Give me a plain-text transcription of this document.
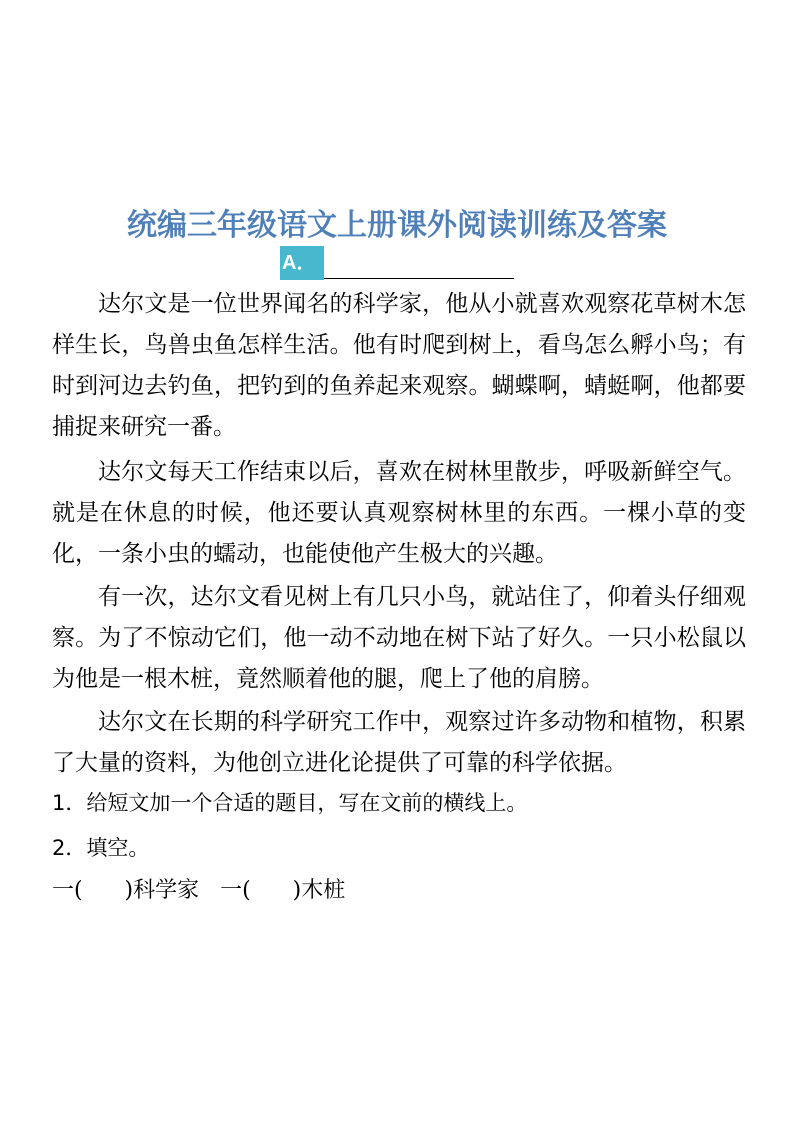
统编三年级语文上册课外阅读训练及答案
A．

达尔文是一位世界闻名的科学家，他从小就喜欢观察花草树木怎样生长，鸟兽虫鱼怎样生活。他有时爬到树上，看鸟怎么孵小鸟；有时到河边去钓鱼，把钓到的鱼养起来观察。蝴蝶啊，蜻蜓啊，他都要捕捉来研究一番。

达尔文每天工作结束以后，喜欢在树林里散步，呼吸新鲜空气。就是在休息的时候，他还要认真观察树林里的东西。一棵小草的变化，一条小虫的蠕动，也能使他产生极大的兴趣。

有一次，达尔文看见树上有几只小鸟，就站住了，仰着头仔细观察。为了不惊动它们，他一动不动地在树下站了好久。一只小松鼠以为他是一根木桩，竟然顺着他的腿，爬上了他的肩膀。

达尔文在长期的科学研究工作中，观察过许多动物和植物，积累了大量的资料，为他创立进化论提供了可靠的科学依据。

1．给短文加一个合适的题目，写在文前的横线上。
2．填空。
一(      )科学家   一(      )木桩
